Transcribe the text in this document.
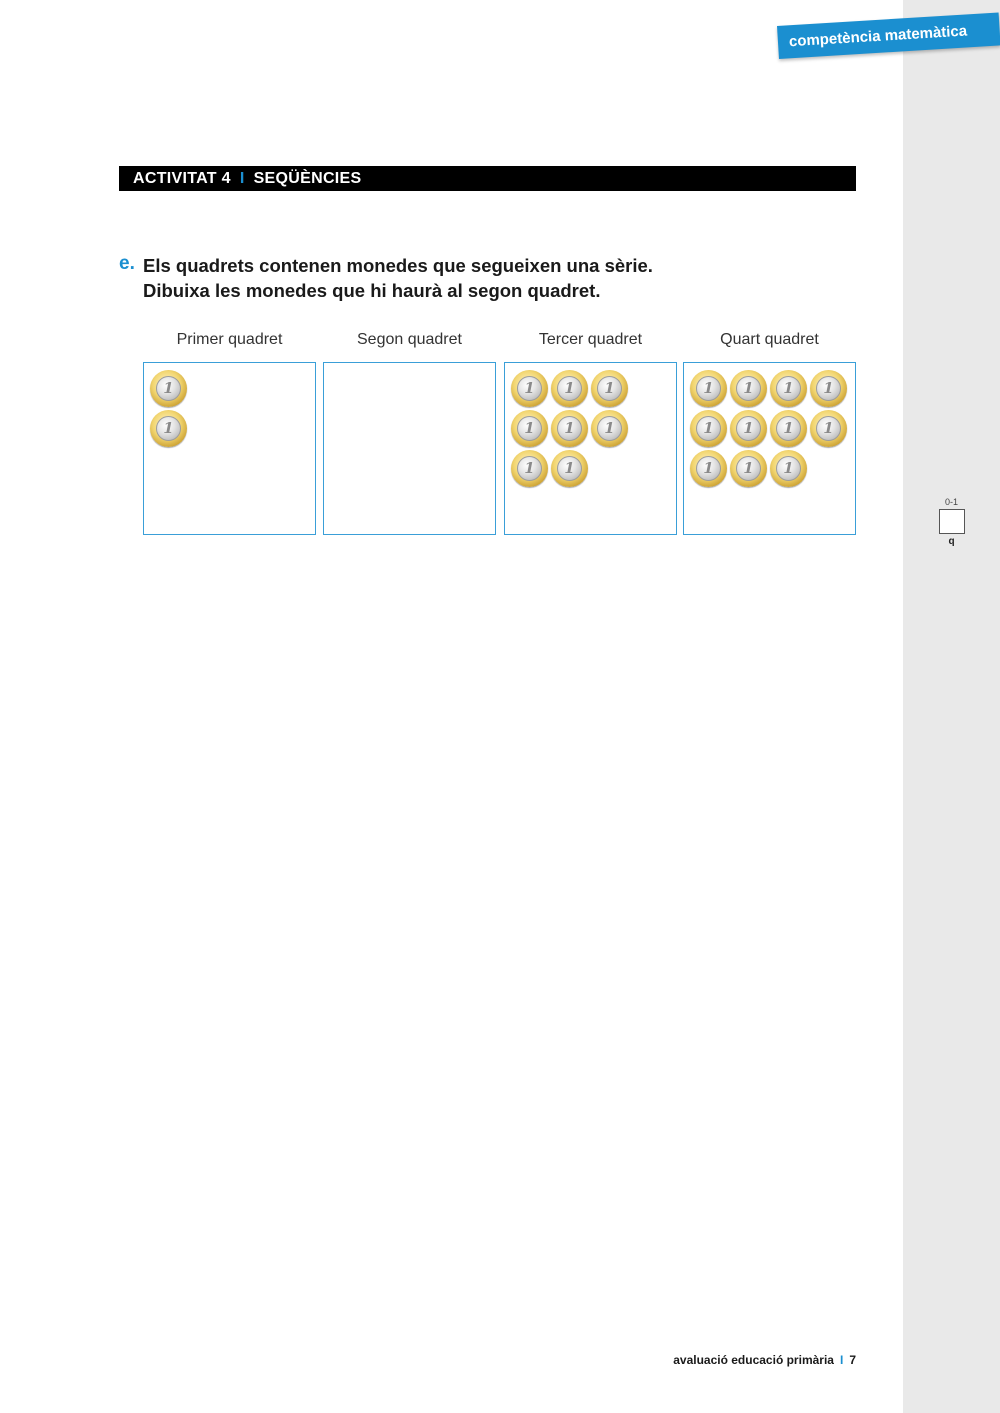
competència matemàtica
ACTIVITAT 4 I SEQÜÈNCIES
e. Els quadrets contenen monedes que segueixen una sèrie.
Dibuixa les monedes que hi haurà al segon quadret.
Primer quadret	Segon quadret	Tercer quadret	Quart quadret
1
1
1	1	1
1	1	1
1	1
1	1	1	1
1	1	1	1
1	1	1
0-1
q
avaluació educació primària I 7
